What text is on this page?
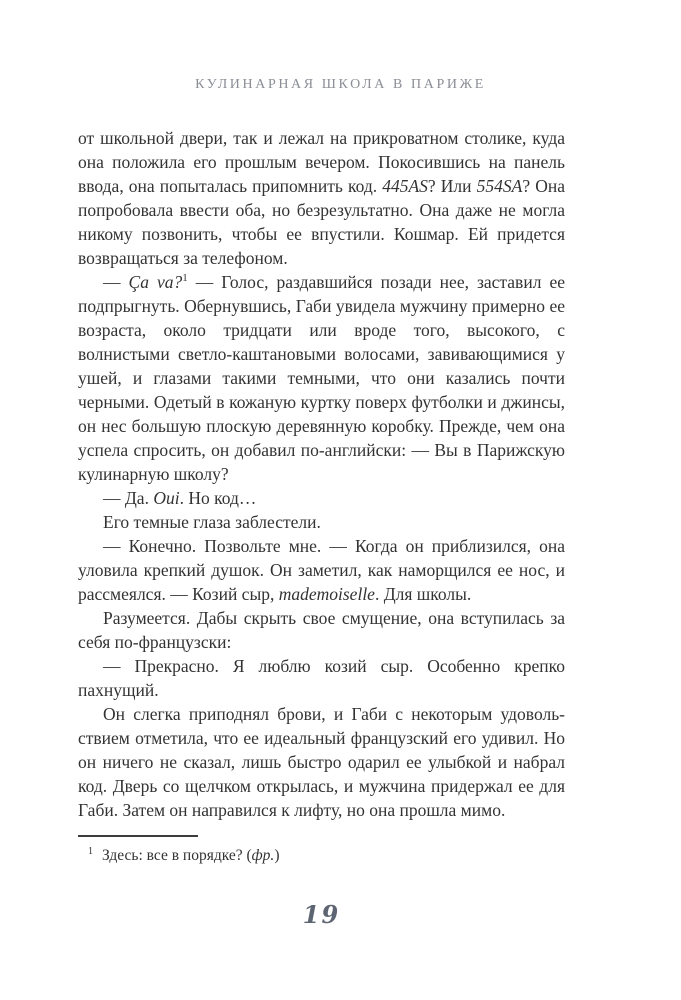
КУЛИНАРНАЯ ШКОЛА В ПАРИЖЕ

от школьной двери, так и лежал на прикроватном столике, куда она положила его прошлым вечером. Покосившись на панель ввода, она попыталась припомнить код. 445AS? Или 554SA? Она попробовала ввести оба, но безрезультатно. Она даже не могла никому позвонить, чтобы ее впустили. Кошмар. Ей придется возвращаться за телефоном.

— Ça va?$^1$ — Голос, раздавшийся позади нее, заставил ее подпрыгнуть. Обернувшись, Габи увидела мужчину примерно ее возраста, около тридцати или вроде того, высокого, с волнистыми светло-каштановыми волосами, завивающимися у ушей, и глазами такими темными, что они казались почти черными. Одетый в кожаную куртку поверх футболки и джинсы, он нес большую плоскую деревянную коробку. Прежде, чем она успела спросить, он добавил по-английски: — Вы в Парижскую кулинарную школу?

— Да. Oui. Но код…

Его темные глаза заблестели.

— Конечно. Позвольте мне. — Когда он приблизился, она уловила крепкий душок. Он заметил, как наморщился ее нос, и рассмеялся. — Козий сыр, mademoiselle. Для школы.

Разумеется. Дабы скрыть свое смущение, она вступилась за себя по-французски:

— Прекрасно. Я люблю козий сыр. Особенно крепко пахнущий.

Он слегка приподнял брови, и Габи с некоторым удовольствием отметила, что ее идеальный французский его удивил. Но он ничего не сказал, лишь быстро одарил ее улыбкой и набрал код. Дверь со щелчком открылась, и мужчина придержал ее для Габи. Затем он направился к лифту, но она прошла мимо.

$^1$ Здесь: все в порядке? (фр.)
19
